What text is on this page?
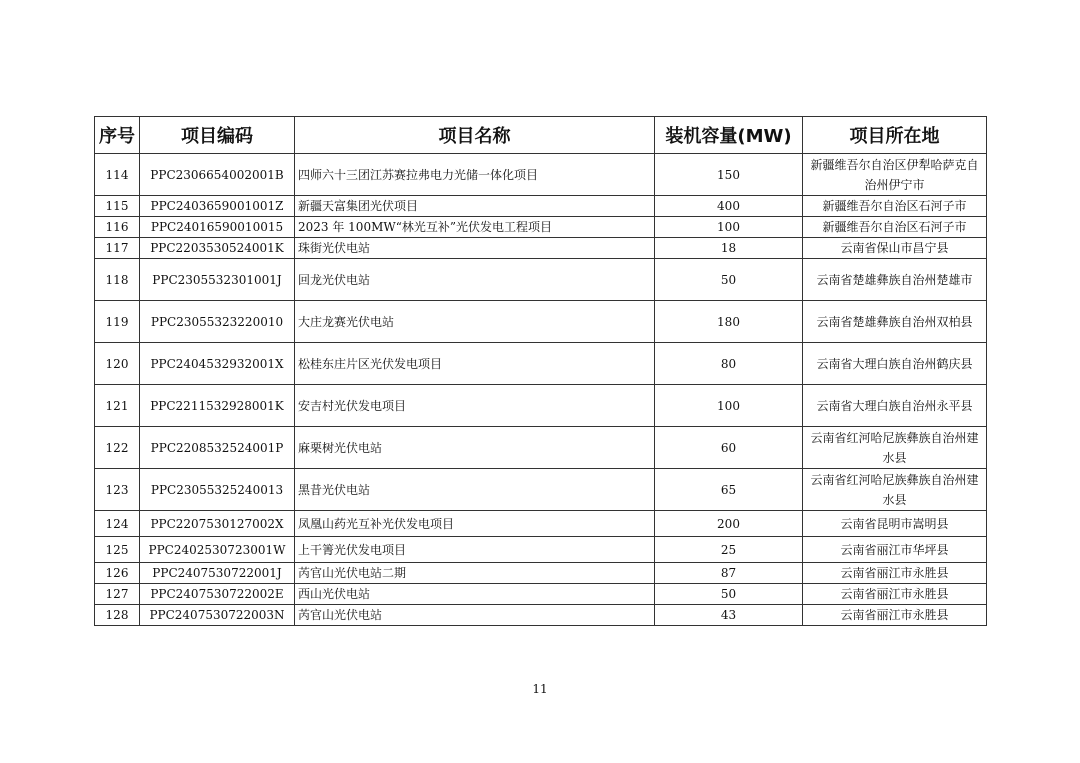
序号	项目编码	项目名称	装机容量(MW)	项目所在地
114	PPC2306654002001B	四师六十三团江苏赛拉弗电力光储一体化项目	150	新疆维吾尔自治区伊犁哈萨克自治州伊宁市
115	PPC2403659001001Z	新疆天富集团光伏项目	400	新疆维吾尔自治区石河子市
116	PPC24016590010015	2023 年 100MW“林光互补”光伏发电工程项目	100	新疆维吾尔自治区石河子市
117	PPC2203530524001K	珠街光伏电站	18	云南省保山市昌宁县
118	PPC2305532301001J	回龙光伏电站	50	云南省楚雄彝族自治州楚雄市
119	PPC23055323220010	大庄龙赛光伏电站	180	云南省楚雄彝族自治州双柏县
120	PPC2404532932001X	松桂东庄片区光伏发电项目	80	云南省大理白族自治州鹤庆县
121	PPC2211532928001K	安吉村光伏发电项目	100	云南省大理白族自治州永平县
122	PPC2208532524001P	麻栗树光伏电站	60	云南省红河哈尼族彝族自治州建水县
123	PPC23055325240013	黑昔光伏电站	65	云南省红河哈尼族彝族自治州建水县
124	PPC2207530127002X	凤凰山药光互补光伏发电项目	200	云南省昆明市嵩明县
125	PPC2402530723001W	上干箐光伏发电项目	25	云南省丽江市华坪县
126	PPC2407530722001J	芮官山光伏电站二期	87	云南省丽江市永胜县
127	PPC2407530722002E	西山光伏电站	50	云南省丽江市永胜县
128	PPC2407530722003N	芮官山光伏电站	43	云南省丽江市永胜县
11
